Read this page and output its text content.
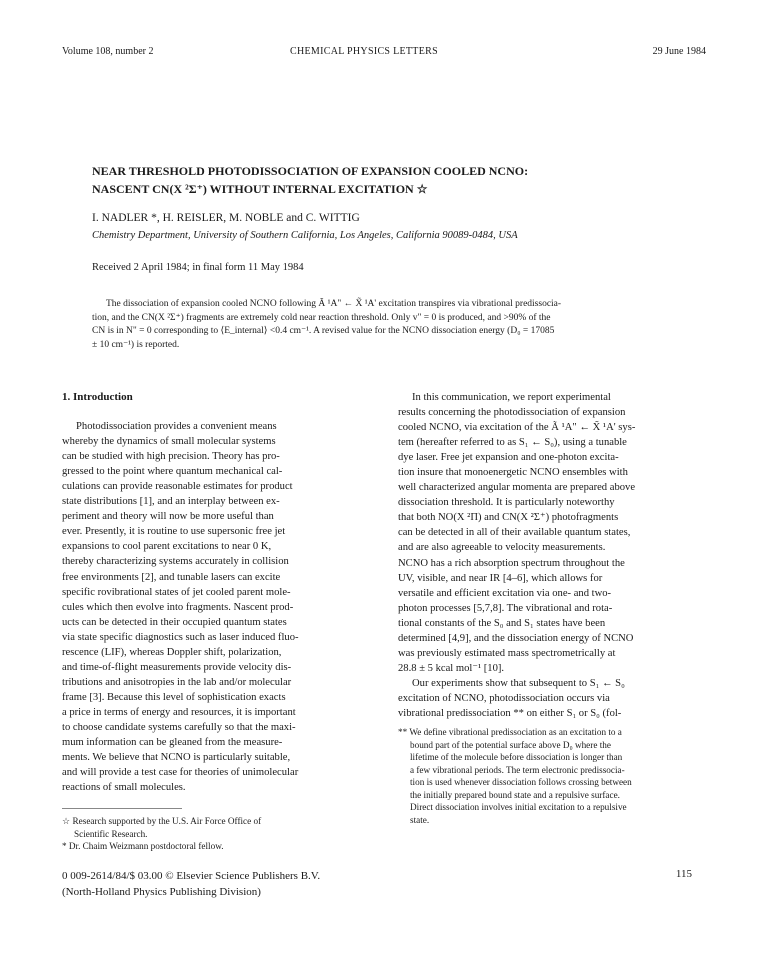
Volume 108, number 2	CHEMICAL PHYSICS LETTERS	29 June 1984
NEAR THRESHOLD PHOTODISSOCIATION OF EXPANSION COOLED NCNO:
NASCENT CN(X ²Σ⁺) WITHOUT INTERNAL EXCITATION ☆
I. NADLER *, H. REISLER, M. NOBLE and C. WITTIG
Chemistry Department, University of Southern California, Los Angeles, California 90089-0484, USA
Received 2 April 1984; in final form 11 May 1984
The dissociation of expansion cooled NCNO following Ã ¹A" ← X̃ ¹A' excitation transpires via vibrational predissocia-
tion, and the CN(X ²Σ⁺) fragments are extremely cold near reaction threshold. Only v" = 0 is produced, and >90% of the
CN is in N" = 0 corresponding to ⟨E_internal⟩ <0.4 cm⁻¹. A revised value for the NCNO dissociation energy (D₀ = 17085
± 10 cm⁻¹) is reported.
1. Introduction
Photodissociation provides a convenient means
whereby the dynamics of small molecular systems
can be studied with high precision. Theory has pro-
gressed to the point where quantum mechanical cal-
culations can provide reasonable estimates for product
state distributions [1], and an interplay between ex-
periment and theory will now be more useful than
ever. Presently, it is routine to use supersonic free jet
expansions to cool parent excitations to near 0 K,
thereby characterizing systems accurately in collision
free environments [2], and tunable lasers can excite
specific rovibrational states of jet cooled parent mole-
cules which then evolve into fragments. Nascent prod-
ucts can be detected in their occupied quantum states
via state specific diagnostics such as laser induced fluo-
rescence (LIF), whereas Doppler shift, polarization,
and time-of-flight measurements provide velocity dis-
tributions and anisotropies in the lab and/or molecular
frame [3]. Because this level of sophistication exacts
a price in terms of energy and resources, it is important
to choose candidate systems carefully so that the maxi-
mum information can be gleaned from the measure-
ments. We believe that NCNO is particularly suitable,
and will provide a test case for theories of unimolecular
reactions of small molecules.
☆ Research supported by the U.S. Air Force Office of
Scientific Research.
* Dr. Chaim Weizmann postdoctoral fellow.
In this communication, we report experimental
results concerning the photodissociation of expansion
cooled NCNO, via excitation of the Ã ¹A" ← X̃ ¹A' sys-
tem (hereafter referred to as S₁ ← S₀), using a tunable
dye laser. Free jet expansion and one-photon excita-
tion insure that monoenergetic NCNO ensembles with
well characterized angular momenta are prepared above
dissociation threshold. It is particularly noteworthy
that both NO(X ²Π) and CN(X ²Σ⁺) photofragments
can be detected in all of their available quantum states,
and are also agreeable to velocity measurements.
NCNO has a rich absorption spectrum throughout the
UV, visible, and near IR [4–6], which allows for
versatile and efficient excitation via one- and two-
photon processes [5,7,8]. The vibrational and rota-
tional constants of the S₀ and S₁ states have been
determined [4,9], and the dissociation energy of NCNO
was previously estimated mass spectrometrically at
28.8 ± 5 kcal mol⁻¹ [10].
Our experiments show that subsequent to S₁ ← S₀
excitation of NCNO, photodissociation occurs via
vibrational predissociation ** on either S₁ or S₀ (fol-
** We define vibrational predissociation as an excitation to a
bound part of the potential surface above D₀ where the
lifetime of the molecule before dissociation is longer than
a few vibrational periods. The term electronic predissocia-
tion is used whenever dissociation follows crossing between
the initially prepared bound state and a repulsive surface.
Direct dissociation involves initial excitation to a repulsive
state.
0 009-2614/84/$ 03.00 © Elsevier Science Publishers B.V.
(North-Holland Physics Publishing Division)
115
